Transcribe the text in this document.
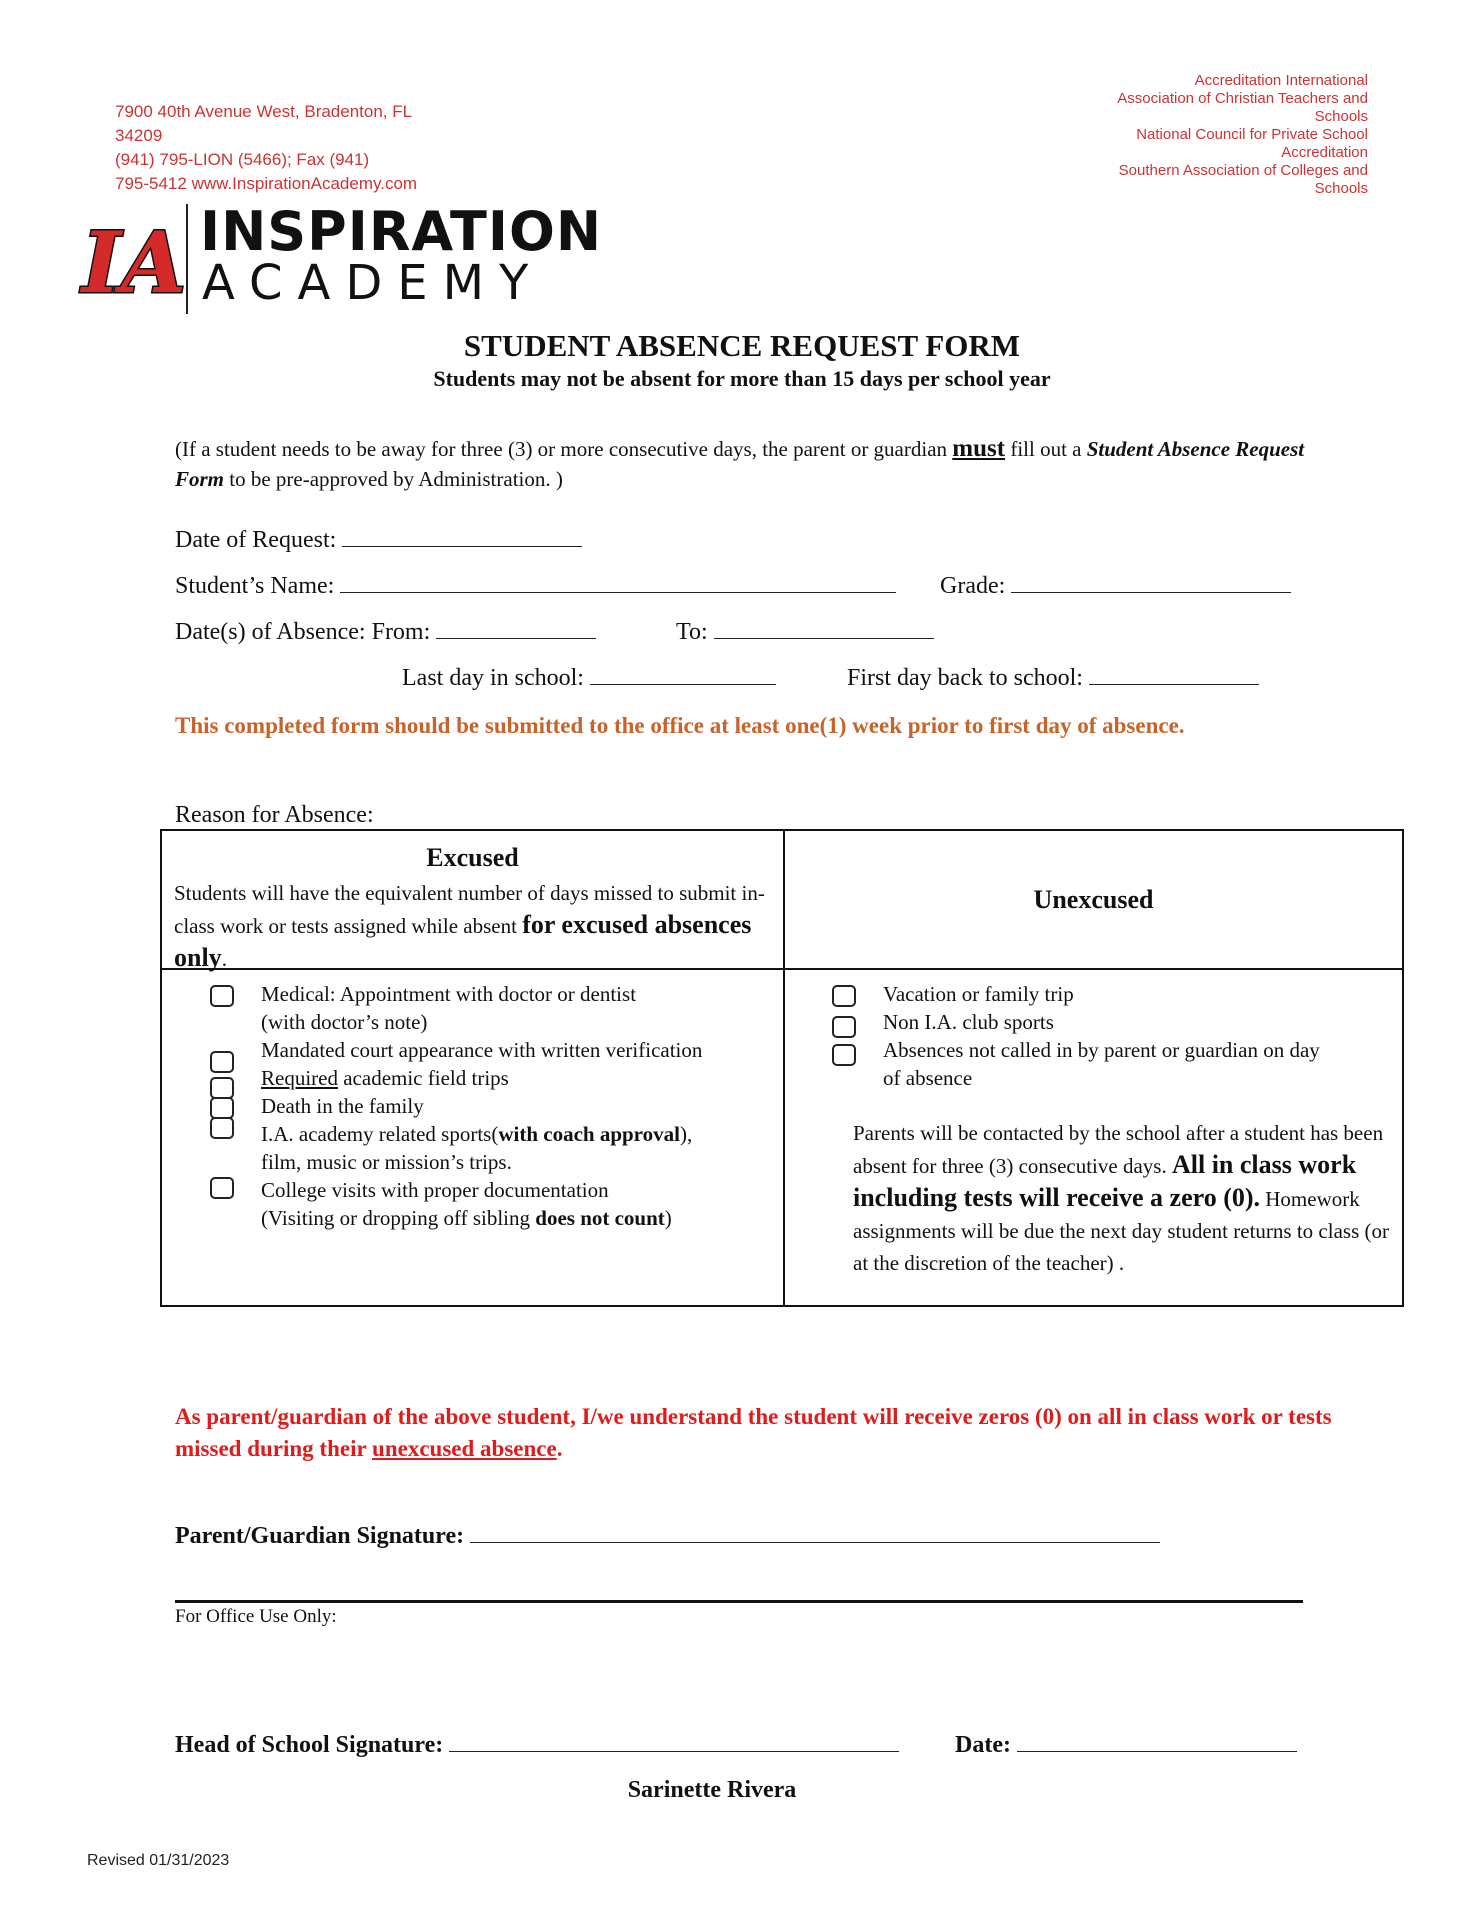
7900 40th Avenue West, Bradenton, FL
34209
(941) 795-LION (5466); Fax (941)
795-5412 www.InspirationAcademy.com
Accreditation International
Association of Christian Teachers and
Schools
National Council for Private School
Accreditation
Southern Association of Colleges and
Schools
IA INSPIRATION
ACADEMY
STUDENT ABSENCE REQUEST FORM
Students may not be absent for more than 15 days per school year
(If a student needs to be away for three (3) or more consecutive days, the parent or guardian must fill out a Student Absence Request Form to be pre-approved by Administration. )
Date of Request:
Student’s Name:	Grade:
Date(s) of Absence: From:	To:
Last day in school:	First day back to school:
This completed form should be submitted to the office at least one(1) week prior to first day of absence.
Reason for Absence:
Excused
Students will have the equivalent number of days missed to submit in-class work or tests assigned while absent for excused absences only.
Unexcused
Medical: Appointment with doctor or dentist
(with doctor’s note)
Mandated court appearance with written verification
Required academic field trips
Death in the family
I.A. academy related sports(with coach approval),
film, music or mission’s trips.
College visits with proper documentation
(Visiting or dropping off sibling does not count)
Vacation or family trip
Non I.A. club sports
Absences not called in by parent or guardian on day
of absence
Parents will be contacted by the school after a student has been absent for three (3) consecutive days. All in class work including tests will receive a zero (0). Homework assignments will be due the next day student returns to class (or at the discretion of the teacher) .
As parent/guardian of the above student, I/we understand the student will receive zeros (0) on all in class work or tests missed during their unexcused absence.
Parent/Guardian Signature:
For Office Use Only:
Head of School Signature:	Date:
Sarinette Rivera
Revised 01/31/2023
